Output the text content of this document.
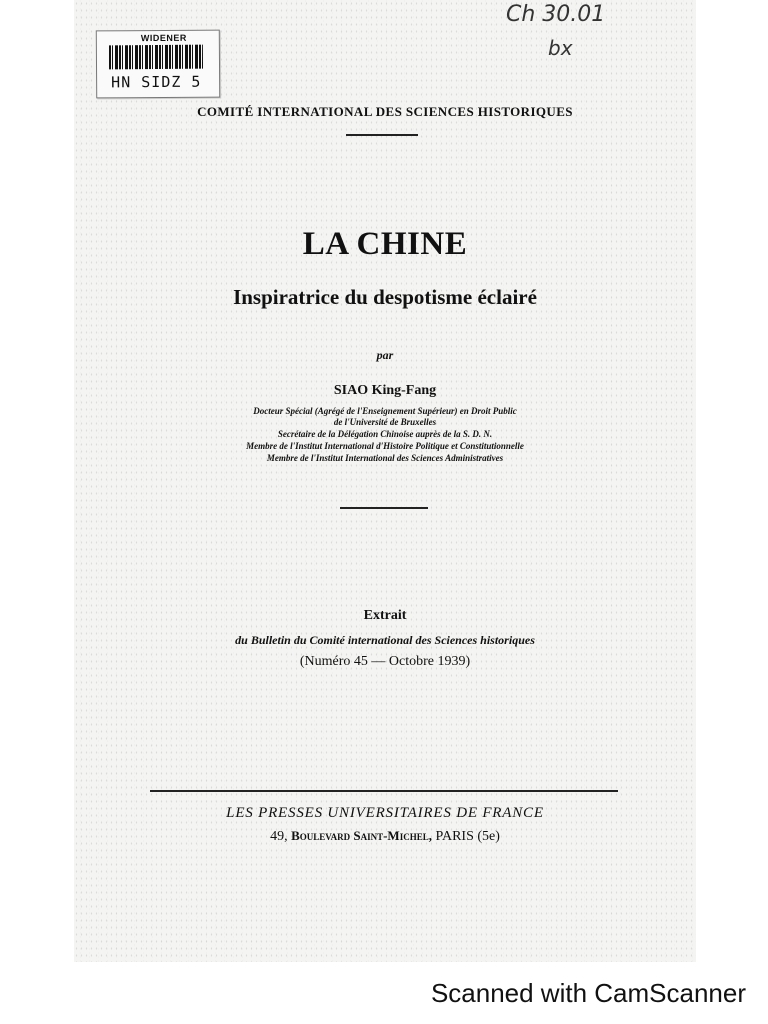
WIDENER
HN SIDZ 5
Ch 30.01
bx
COMITÉ INTERNATIONAL DES SCIENCES HISTORIQUES
LA CHINE
Inspiratrice du despotisme éclairé
par
SIAO King-Fang
Docteur Spécial (Agrégé de l'Enseignement Supérieur) en Droit Public
de l'Université de Bruxelles
Secrétaire de la Délégation Chinoise auprès de la S. D. N.
Membre de l'Institut International d'Histoire Politique et Constitutionnelle
Membre de l'Institut International des Sciences Administratives
Extrait
du Bulletin du Comité international des Sciences historiques
(Numéro 45 — Octobre 1939)
LES PRESSES UNIVERSITAIRES DE FRANCE
49, Boulevard Saint-Michel, PARIS (5e)
Scanned with CamScanner
